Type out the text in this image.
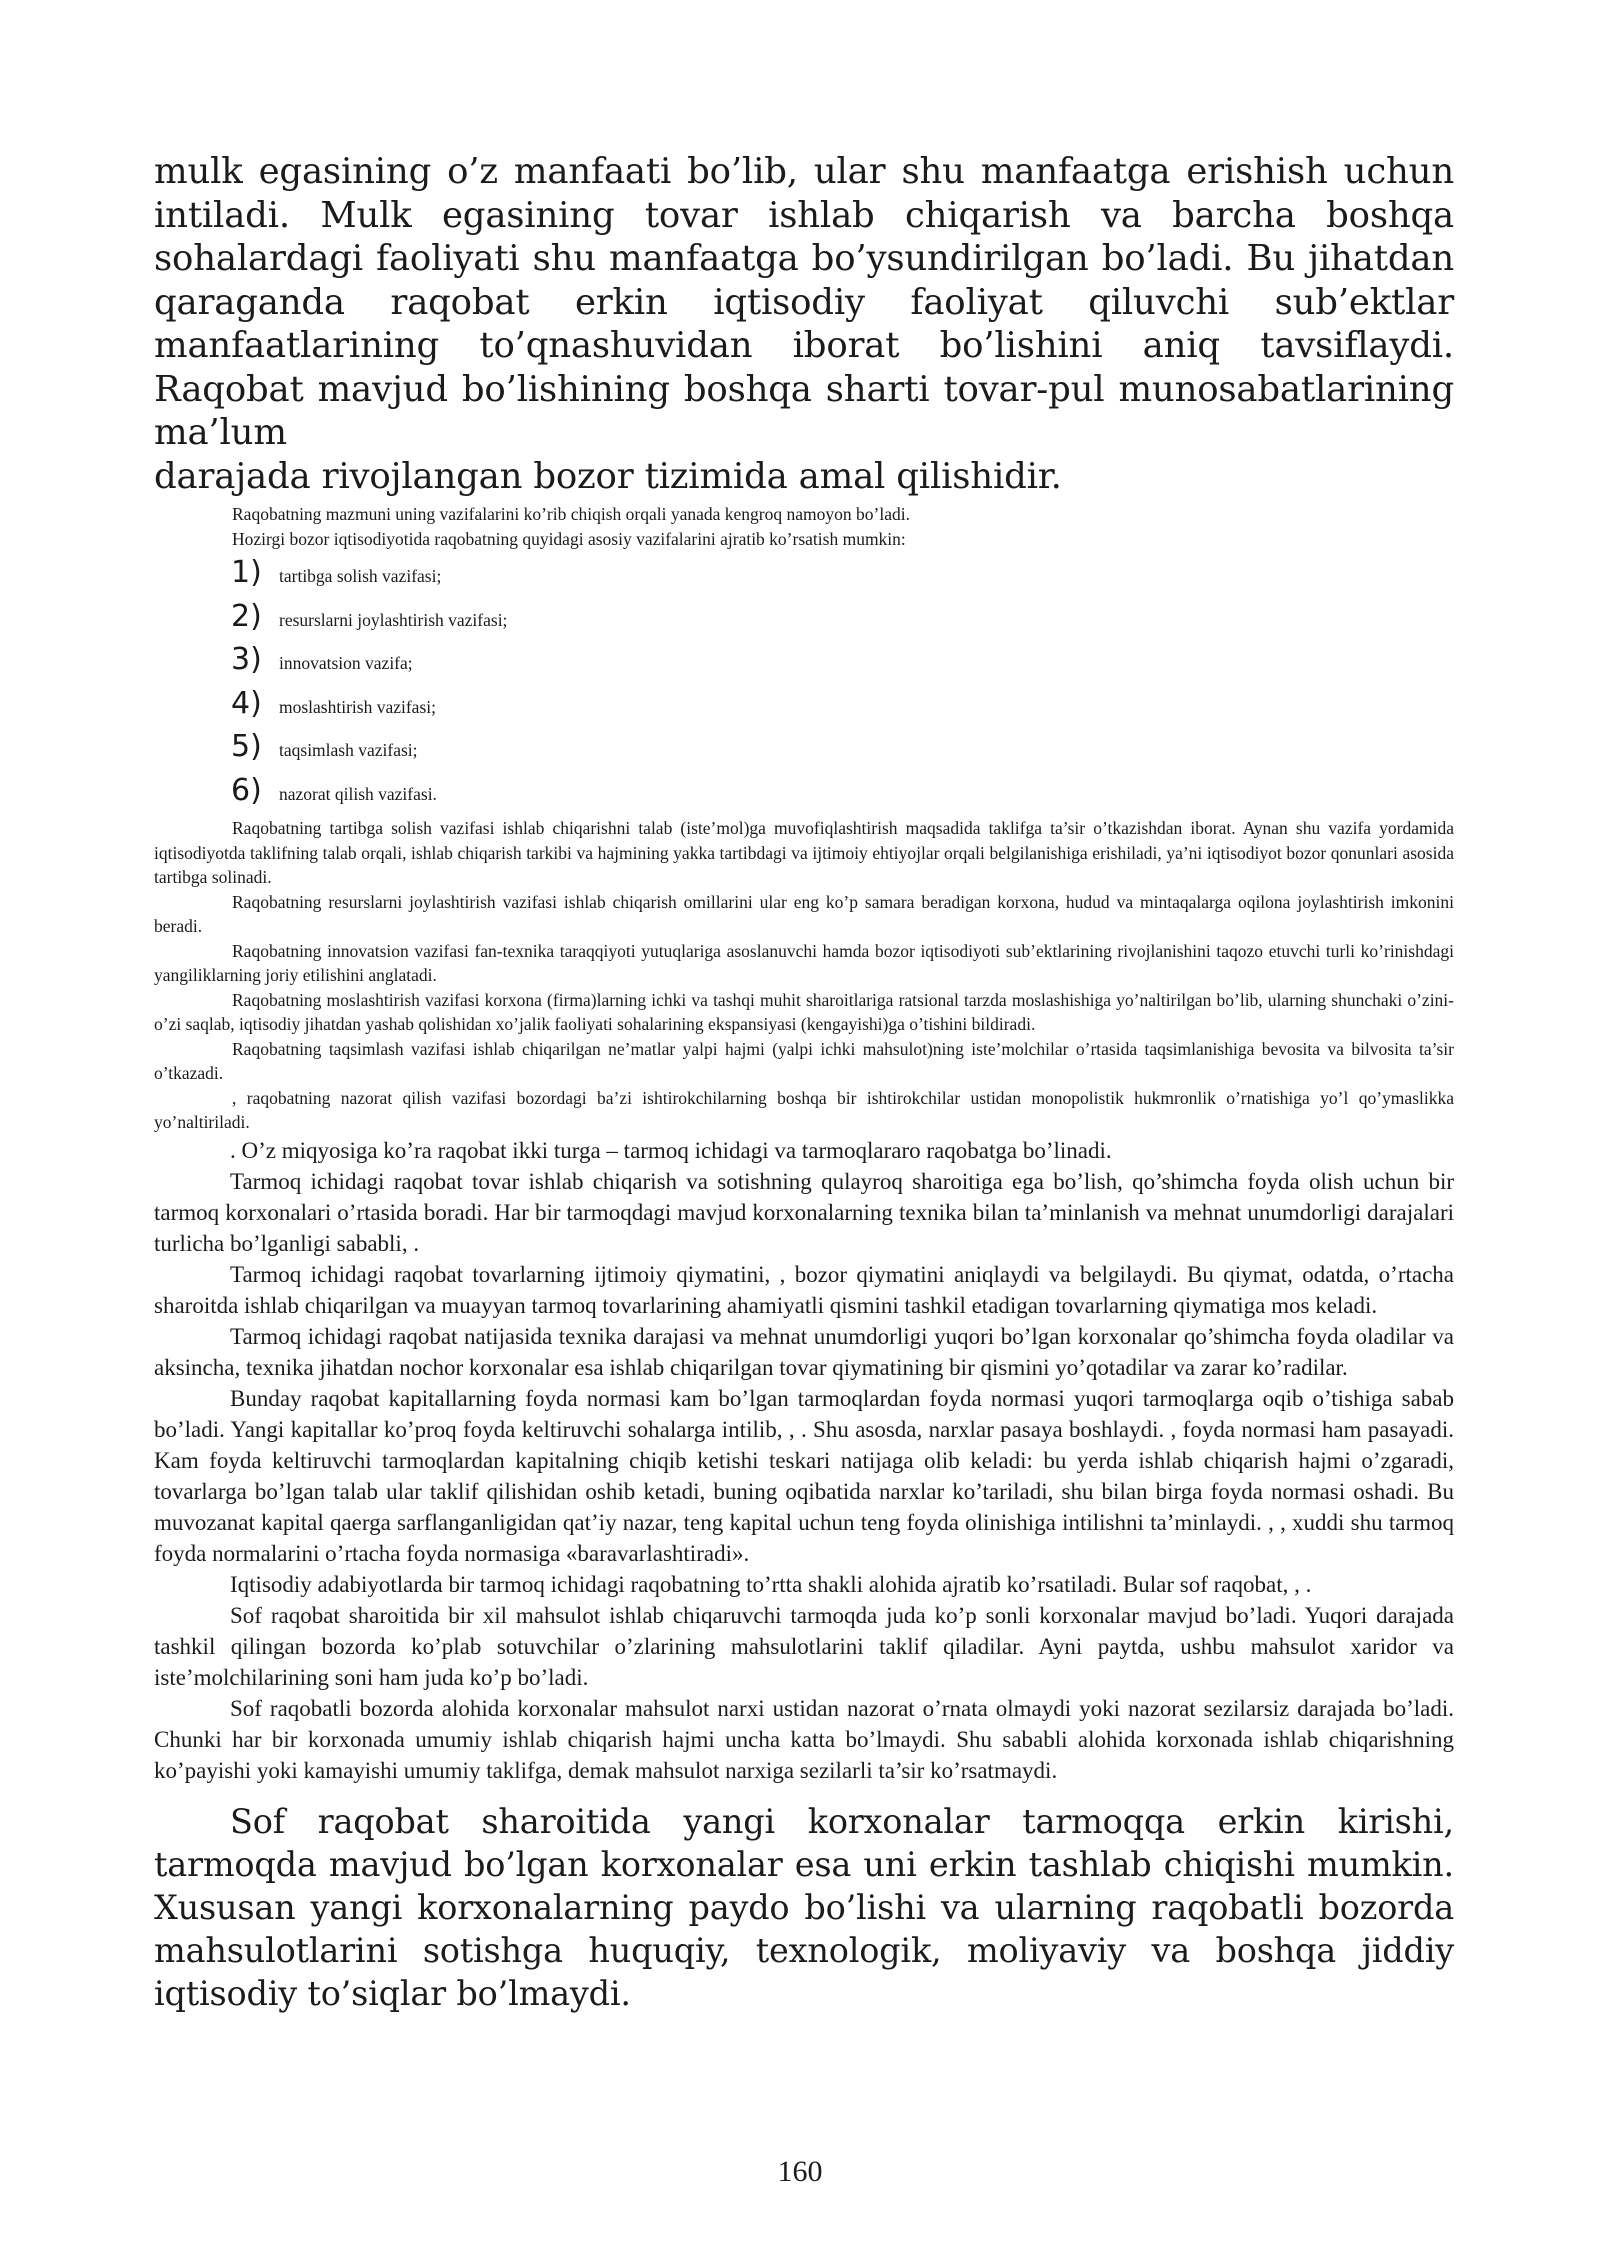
mulk egasining o’z manfaati bo’lib, ular shu manfaatga erishish uchun intiladi. Mulk egasining tovar ishlab chiqarish va barcha boshqa sohalardagi faoliyati shu manfaatga bo’ysundirilgan bo’ladi. Bu jihatdan qaraganda raqobat erkin iqtisodiy faoliyat qiluvchi sub’ektlar manfaatlarining to’qnashuvidan iborat bo’lishini aniq tavsiflaydi. Raqobat mavjud bo’lishining boshqa sharti tovar-pul munosabatlarining ma’lum

darajada rivojlangan bozor tizimida amal qilishidir.

Raqobatning mazmuni uning vazifalarini ko’rib chiqish orqali yanada kengroq namoyon bo’ladi.

Hozirgi bozor iqtisodiyotida raqobatning quyidagi asosiy vazifalarini ajratib ko’rsatish mumkin:

1) tartibga solish vazifasi;
2) resurslarni joylashtirish vazifasi;
3) innovatsion vazifa;
4) moslashtirish vazifasi;
5) taqsimlash vazifasi;
6) nazorat qilish vazifasi.

Raqobatning tartibga solish vazifasi ishlab chiqarishni talab (iste’mol)ga muvofiqlashtirish maqsadida taklifga ta’sir o’tkazishdan iborat. Aynan shu vazifa yordamida iqtisodiyotda taklifning talab orqali, ishlab chiqarish tarkibi va hajmining yakka tartibdagi va ijtimoiy ehtiyojlar orqali belgilanishiga erishiladi, ya’ni iqtisodiyot bozor qonunlari asosida tartibga solinadi.

Raqobatning resurslarni joylashtirish vazifasi ishlab chiqarish omillarini ular eng ko’p samara beradigan korxona, hudud va mintaqalarga oqilona joylashtirish imkonini beradi.

Raqobatning innovatsion vazifasi fan-texnika taraqqiyoti yutuqlariga asoslanuvchi hamda bozor iqtisodiyoti sub’ektlarining rivojlanishini taqozo etuvchi turli ko’rinishdagi yangiliklarning joriy etilishini anglatadi.

Raqobatning moslashtirish vazifasi korxona (firma)larning ichki va tashqi muhit sharoitlariga ratsional tarzda moslashishiga yo’naltirilgan bo’lib, ularning shunchaki o’zini-o’zi saqlab, iqtisodiy jihatdan yashab qolishidan xo’jalik faoliyati sohalarining ekspansiyasi (kengayishi)ga o’tishini bildiradi.

Raqobatning taqsimlash vazifasi ishlab chiqarilgan ne’matlar yalpi hajmi (yalpi ichki mahsulot)ning iste’molchilar o’rtasida taqsimlanishiga bevosita va bilvosita ta’sir o’tkazadi.

, raqobatning nazorat qilish vazifasi bozordagi ba’zi ishtirokchilarning boshqa bir ishtirokchilar ustidan monopolistik hukmronlik o’rnatishiga yo’l qo’ymaslikka yo’naltiriladi.

. O’z miqyosiga ko’ra raqobat ikki turga – tarmoq ichidagi va tarmoqlararo raqobatga bo’linadi.

Tarmoq ichidagi raqobat tovar ishlab chiqarish va sotishning qulayroq sharoitiga ega bo’lish, qo’shimcha foyda olish uchun bir tarmoq korxonalari o’rtasida boradi. Har bir tarmoqdagi mavjud korxonalarning texnika bilan ta’minlanish va mehnat unumdorligi darajalari turlicha bo’lganligi sababli, .

Tarmoq ichidagi raqobat tovarlarning ijtimoiy qiymatini, , bozor qiymatini aniqlaydi va belgilaydi. Bu qiymat, odatda, o’rtacha sharoitda ishlab chiqarilgan va muayyan tarmoq tovarlarining ahamiyatli qismini tashkil etadigan tovarlarning qiymatiga mos keladi.

Tarmoq ichidagi raqobat natijasida texnika darajasi va mehnat unumdorligi yuqori bo’lgan korxonalar qo’shimcha foyda oladilar va aksincha, texnika jihatdan nochor korxonalar esa ishlab chiqarilgan tovar qiymatining bir qismini yo’qotadilar va zarar ko’radilar.

Bunday raqobat kapitallarning foyda normasi kam bo’lgan tarmoqlardan foyda normasi yuqori tarmoqlarga oqib o’tishiga sabab bo’ladi. Yangi kapitallar ko’proq foyda keltiruvchi sohalarga intilib, , . Shu asosda, narxlar pasaya boshlaydi. , foyda normasi ham pasayadi. Kam foyda keltiruvchi tarmoqlardan kapitalning chiqib ketishi teskari natijaga olib keladi: bu yerda ishlab chiqarish hajmi o’zgaradi, tovarlarga bo’lgan talab ular taklif qilishidan oshib ketadi, buning oqibatida narxlar ko’tariladi, shu bilan birga foyda normasi oshadi. Bu muvozanat kapital qaerga sarflanganligidan qat’iy nazar, teng kapital uchun teng foyda olinishiga intilishni ta’minlaydi. , , xuddi shu tarmoq foyda normalarini o’rtacha foyda normasiga «baravarlashtiradi».

Iqtisodiy adabiyotlarda bir tarmoq ichidagi raqobatning to’rtta shakli alohida ajratib ko’rsatiladi. Bular sof raqobat, , .

Sof raqobat sharoitida bir xil mahsulot ishlab chiqaruvchi tarmoqda juda ko’p sonli korxonalar mavjud bo’ladi. Yuqori darajada tashkil qilingan bozorda ko’plab sotuvchilar o’zlarining mahsulotlarini taklif qiladilar. Ayni paytda, ushbu mahsulot xaridor va iste’molchilarining soni ham juda ko’p bo’ladi.

Sof raqobatli bozorda alohida korxonalar mahsulot narxi ustidan nazorat o’rnata olmaydi yoki nazorat sezilarsiz darajada bo’ladi. Chunki har bir korxonada umumiy ishlab chiqarish hajmi uncha katta bo’lmaydi. Shu sababli alohida korxonada ishlab chiqarishning ko’payishi yoki kamayishi umumiy taklifga, demak mahsulot narxiga sezilarli ta’sir ko’rsatmaydi.

Sof raqobat sharoitida yangi korxonalar tarmoqqa erkin kirishi, tarmoqda mavjud bo’lgan korxonalar esa uni erkin tashlab chiqishi mumkin. Xususan yangi korxonalarning paydo bo’lishi va ularning raqobatli bozorda mahsulotlarini sotishga huquqiy, texnologik, moliyaviy va boshqa jiddiy iqtisodiy to’siqlar bo’lmaydi.

160
